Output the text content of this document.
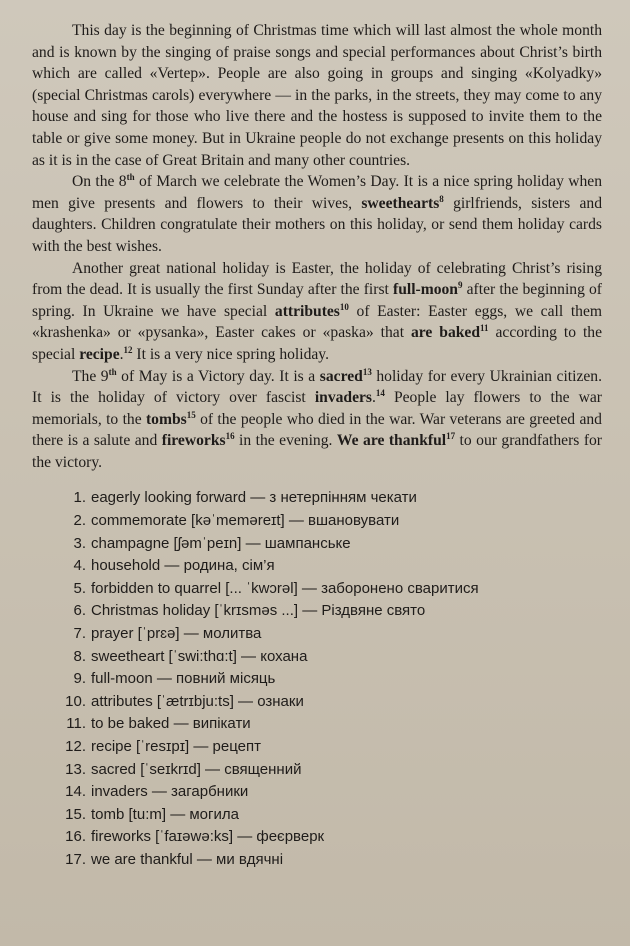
This day is the beginning of Christmas time which will last almost the whole month and is known by the singing of praise songs and special performances about Christ’s birth which are called «Vertep». People are also going in groups and singing «Kolyadky» (special Christmas carols) everywhere — in the parks, in the streets, they may come to any house and sing for those who live there and the hostess is supposed to invite them to the table or give some money. But in Ukraine people do not exchange presents on this holiday as it is in the case of Great Britain and many other countries.

On the 8th of March we celebrate the Women’s Day. It is a nice spring holiday when men give presents and flowers to their wives, sweethearts$^8$ girlfriends, sisters and daughters. Children congratulate their mothers on this holiday, or send them holiday cards with the best wishes.

Another great national holiday is Easter, the holiday of celebrating Christ’s rising from the dead. It is usually the first Sunday after the first full-moon$^9$ after the beginning of spring. In Ukraine we have special attributes$^{10}$ of Easter: Easter eggs, we call them «krashenka» or «pysanka», Easter cakes or «paska» that are baked$^{11}$ according to the special recipe.$^{12}$ It is a very nice spring holiday.

The 9th of May is a Victory day. It is a sacred$^{13}$ holiday for every Ukrainian citizen. It is the holiday of victory over fascist invaders.$^{14}$ People lay flowers to the war memorials, to the tombs$^{15}$ of the people who died in the war. War veterans are greeted and there is a salute and fireworks$^{16}$ in the evening. We are thankful$^{17}$ to our grandfathers for the victory.

1. eagerly looking forward — з нетерпінням чекати
2. commemorate [kəˈmeməreɪt] — вшановувати
3. champagne [ʃəmˈpeɪn] — шампанське
4. household — родина, сім’я
5. forbidden to quarrel [... ˈkwɔrəl] — заборонено сваритися
6. Christmas holiday [ˈkrɪsməs ...] — Різдвяне свято
7. prayer [ˈprɛə] — молитва
8. sweetheart [ˈswi:thɑ:t] — кохана
9. full-moon — повний місяць
10. attributes [ˈætrɪbju:ts] — ознаки
11. to be baked — випікати
12. recipe [ˈresɪpɪ] — рецепт
13. sacred [ˈseɪkrɪd] — священний
14. invaders — загарбники
15. tomb [tu:m] — могила
16. fireworks [ˈfaɪəwə:ks] — феєрверк
17. we are thankful — ми вдячні
